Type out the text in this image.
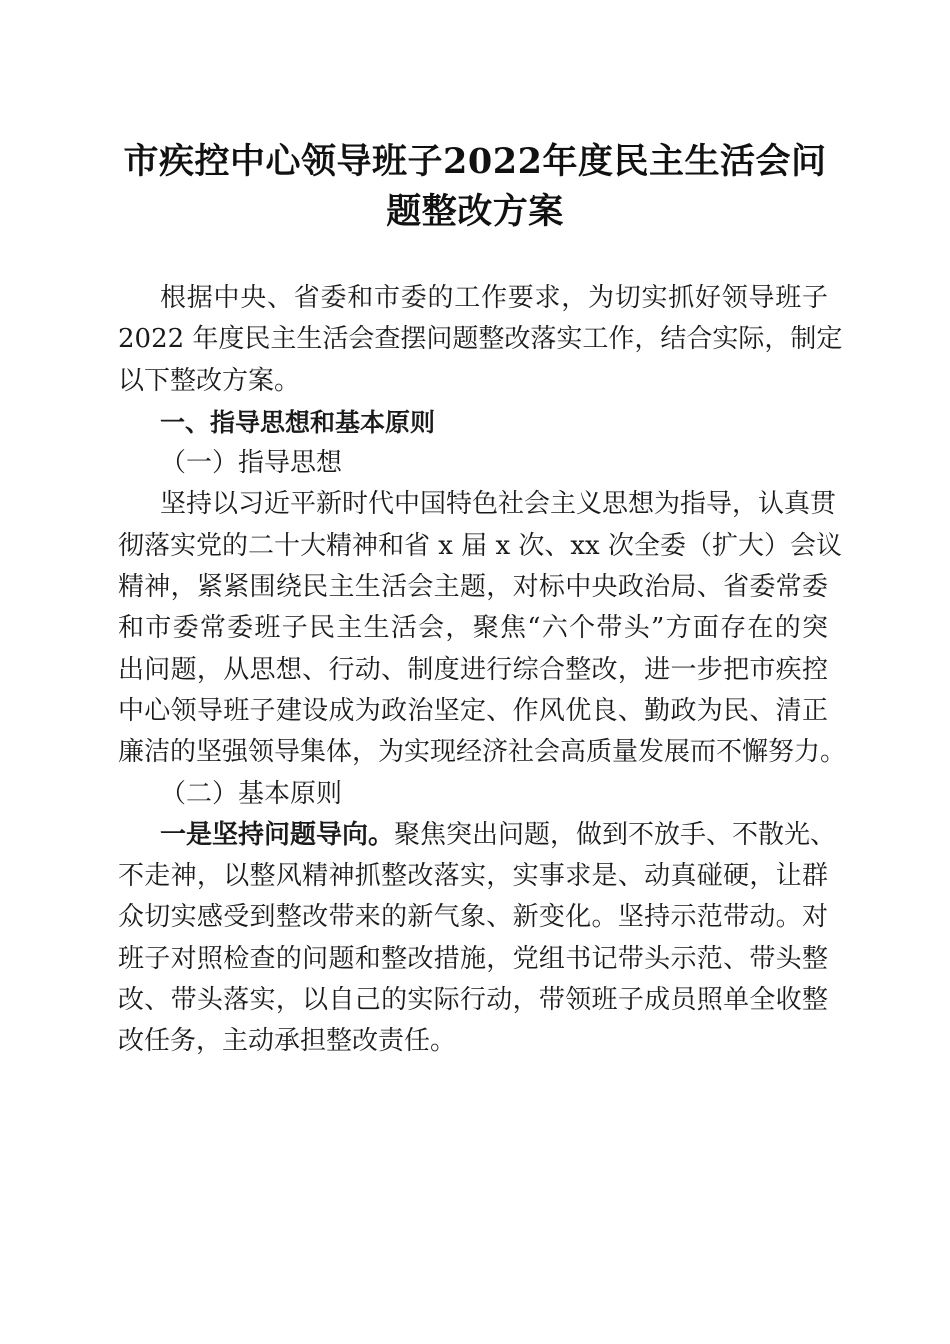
市疾控中心领导班子2022年度民主生活会问
题整改方案
根据中央、省委和市委的工作要求，为切实抓好领导班子
2022 年度民主生活会查摆问题整改落实工作，结合实际，制定
以下整改方案。
一、指导思想和基本原则
（一）指导思想
坚持以习近平新时代中国特色社会主义思想为指导，认真贯
彻落实党的二十大精神和省 x 届 x 次、xx 次全委（扩大）会议
精神，紧紧围绕民主生活会主题，对标中央政治局、省委常委
和市委常委班子民主生活会，聚焦“六个带头”方面存在的突
出问题，从思想、行动、制度进行综合整改，进一步把市疾控
中心领导班子建设成为政治坚定、作风优良、勤政为民、清正
廉洁的坚强领导集体，为实现经济社会高质量发展而不懈努力。
（二）基本原则
一是坚持问题导向。聚焦突出问题，做到不放手、不散光、
不走神，以整风精神抓整改落实，实事求是、动真碰硬，让群
众切实感受到整改带来的新气象、新变化。坚持示范带动。对
班子对照检查的问题和整改措施，党组书记带头示范、带头整
改、带头落实，以自己的实际行动，带领班子成员照单全收整
改任务，主动承担整改责任。
